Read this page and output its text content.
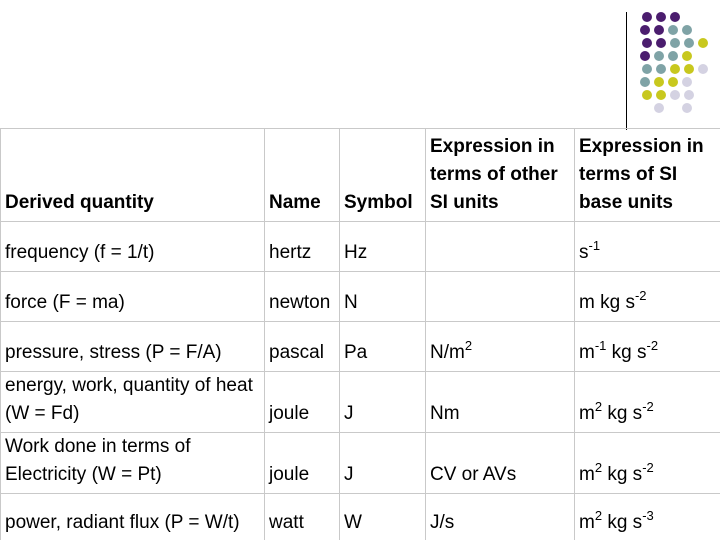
Derived quantity	Name	Symbol	Expression in terms of other SI units	Expression in terms of SI base units
frequency (f = 1/t)	hertz	Hz		$s^{-1}$
force (F = ma)	newton	N		m kg $s^{-2}$
pressure, stress (P = F/A)	pascal	Pa	$N/m^2$	$m^{-1}$ kg $s^{-2}$
energy, work, quantity of heat (W = Fd)	joule	J	Nm	$m^2$ kg $s^{-2}$
Work done in terms of Electricity (W = Pt)	joule	J	CV or AVs	$m^2$ kg $s^{-2}$
power, radiant flux (P = W/t)	watt	W	J/s	$m^2$ kg $s^{-3}$
